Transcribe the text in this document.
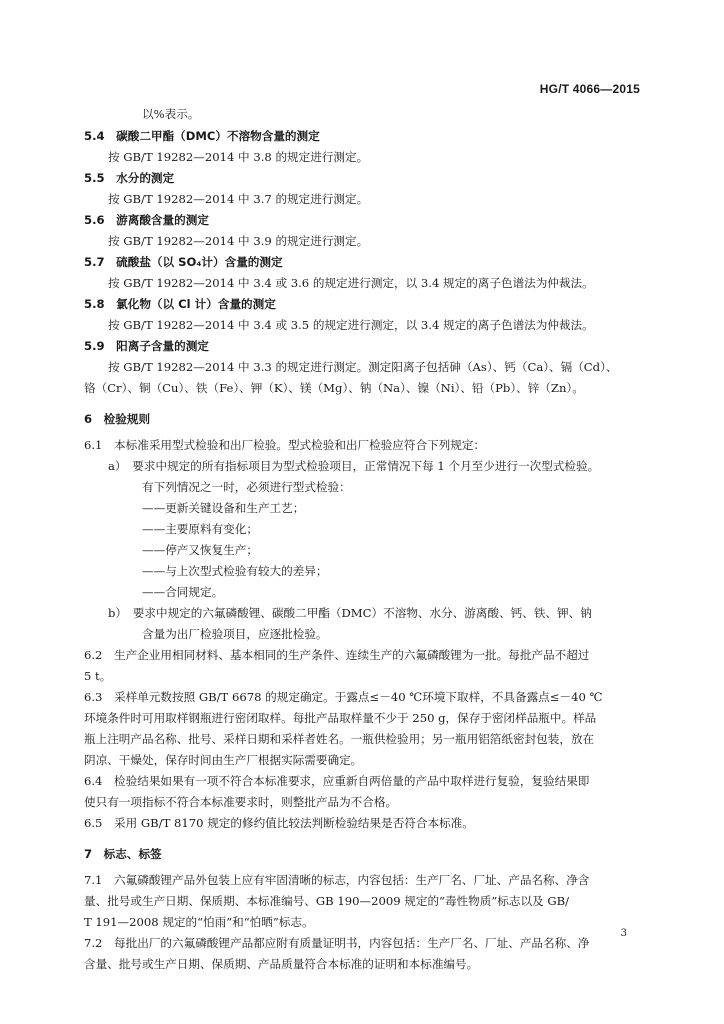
HG/T 4066—2015
以%表示。
5.4　碳酸二甲酯（DMC）不溶物含量的测定
按 GB/T 19282—2014 中 3.8 的规定进行测定。
5.5　水分的测定
按 GB/T 19282—2014 中 3.7 的规定进行测定。
5.6　游离酸含量的测定
按 GB/T 19282—2014 中 3.9 的规定进行测定。
5.7　硫酸盐（以 SO₄计）含量的测定
按 GB/T 19282—2014 中 3.4 或 3.6 的规定进行测定，以 3.4 规定的离子色谱法为仲裁法。
5.8　氯化物（以 Cl 计）含量的测定
按 GB/T 19282—2014 中 3.4 或 3.5 的规定进行测定，以 3.4 规定的离子色谱法为仲裁法。
5.9　阳离子含量的测定
按 GB/T 19282—2014 中 3.3 的规定进行测定。测定阳离子包括砷（As）、钙（Ca）、镉（Cd）、
铬（Cr）、铜（Cu）、铁（Fe）、钾（K）、镁（Mg）、钠（Na）、镍（Ni）、铅（Pb）、锌（Zn）。
6　检验规则
6.1　本标准采用型式检验和出厂检验。型式检验和出厂检验应符合下列规定：
a）　要求中规定的所有指标项目为型式检验项目，正常情况下每 1 个月至少进行一次型式检验。
有下列情况之一时，必须进行型式检验：
——更新关键设备和生产工艺；
——主要原料有变化；
——停产又恢复生产；
——与上次型式检验有较大的差异；
——合同规定。
b）　要求中规定的六氟磷酸锂、碳酸二甲酯（DMC）不溶物、水分、游离酸、钙、铁、钾、钠
含量为出厂检验项目，应逐批检验。
6.2　生产企业用相同材料、基本相同的生产条件、连续生产的六氟磷酸锂为一批。每批产品不超过
5 t。
6.3　采样单元数按照 GB/T 6678 的规定确定。于露点≤－40 ℃环境下取样，不具备露点≤－40 ℃
环境条件时可用取样钢瓶进行密闭取样。每批产品取样量不少于 250 g，保存于密闭样品瓶中。样品
瓶上注明产品名称、批号、采样日期和采样者姓名。一瓶供检验用；另一瓶用铝箔纸密封包装，放在
阴凉、干燥处，保存时间由生产厂根据实际需要确定。
6.4　检验结果如果有一项不符合本标准要求，应重新自两倍量的产品中取样进行复验，复验结果即
使只有一项指标不符合本标准要求时，则整批产品为不合格。
6.5　采用 GB/T 8170 规定的修约值比较法判断检验结果是否符合本标准。
7　标志、标签
7.1　六氟磷酸锂产品外包装上应有牢固清晰的标志，内容包括：生产厂名、厂址、产品名称、净含
量、批号或生产日期、保质期、本标准编号、GB 190—2009 规定的“毒性物质”标志以及 GB/
T 191—2008 规定的“怕雨”和“怕晒”标志。
7.2　每批出厂的六氟磷酸锂产品都应附有质量证明书，内容包括：生产厂名、厂址、产品名称、净
含量、批号或生产日期、保质期、产品质量符合本标准的证明和本标准编号。
3
